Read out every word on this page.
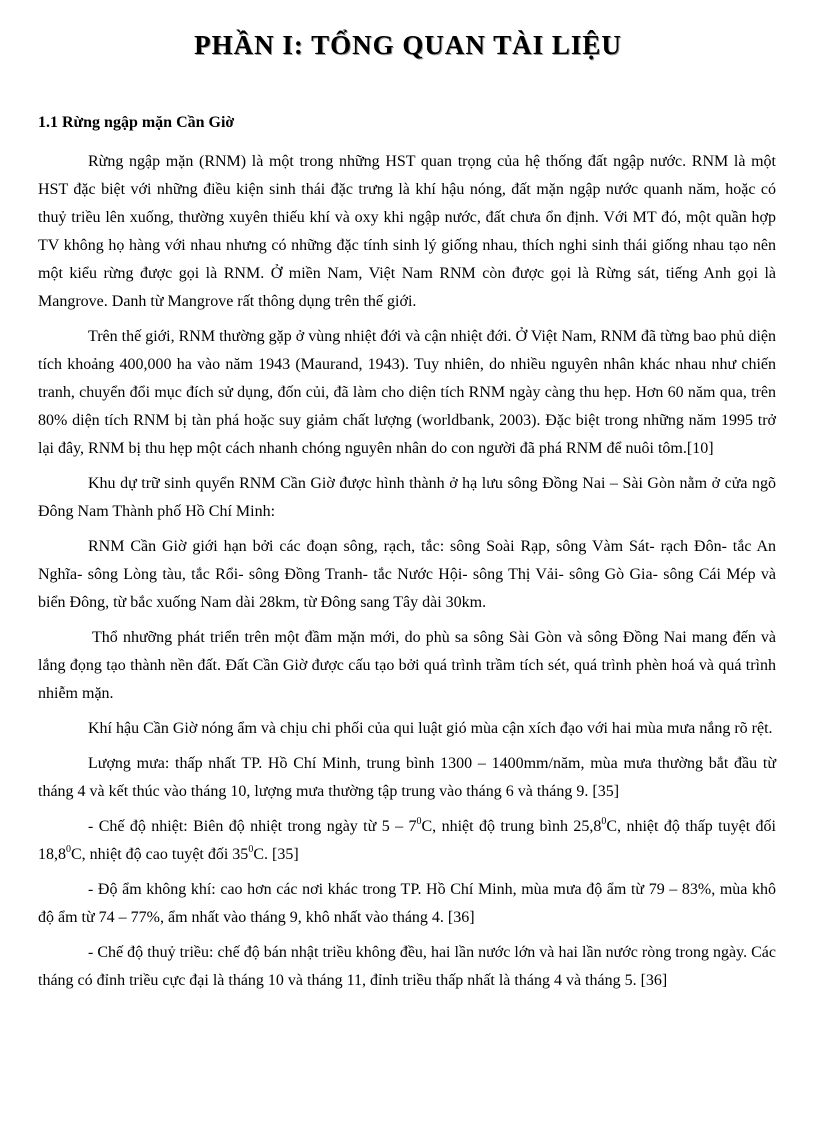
PHẦN I: TỔNG QUAN TÀI LIỆU
1.1 Rừng ngập mặn Cần Giờ

Rừng ngập mặn (RNM) là một trong những HST quan trọng của hệ thống đất ngập nước. RNM là một HST đặc biệt với những điều kiện sinh thái đặc trưng là khí hậu nóng, đất mặn ngập nước quanh năm, hoặc có thuỷ triều lên xuống, thường xuyên thiếu khí và oxy khi ngập nước, đất chưa ổn định. Với MT đó, một quần hợp TV không họ hàng với nhau nhưng có những đặc tính sinh lý giống nhau, thích nghi sinh thái giống nhau tạo nên một kiểu rừng được gọi là RNM. Ở miền Nam, Việt Nam RNM còn được gọi là Rừng sát, tiếng Anh gọi là Mangrove. Danh từ Mangrove rất thông dụng trên thế giới.

Trên thế giới, RNM thường gặp ở vùng nhiệt đới và cận nhiệt đới. Ở Việt Nam, RNM đã từng bao phủ diện tích khoảng 400,000 ha vào năm 1943 (Maurand, 1943). Tuy nhiên, do nhiều nguyên nhân khác nhau như chiến tranh, chuyển đổi mục đích sử dụng, đốn củi, đã làm cho diện tích RNM ngày càng thu hẹp. Hơn 60 năm qua, trên 80% diện tích RNM bị tàn phá hoặc suy giảm chất lượng (worldbank, 2003). Đặc biệt trong những năm 1995 trở lại đây, RNM bị thu hẹp một cách nhanh chóng nguyên nhân do con người đã phá RNM để nuôi tôm.[10]

Khu dự trữ sinh quyển RNM Cần Giờ được hình thành ở hạ lưu sông Đồng Nai – Sài Gòn nằm ở cửa ngõ Đông Nam Thành phố Hồ Chí Minh:

RNM Cần Giờ giới hạn bởi các đoạn sông, rạch, tắc: sông Soài Rạp, sông Vàm Sát- rạch Đôn- tắc An Nghĩa- sông Lòng tàu, tắc Rổi- sông Đồng Tranh- tắc Nước Hội- sông Thị Vải- sông Gò Gia- sông Cái Mép và biển Đông, từ bắc xuống Nam dài 28km, từ Đông sang Tây dài 30km.

Thổ nhưỡng phát triển trên một đầm mặn mới, do phù sa sông Sài Gòn và sông Đồng Nai mang đến và lắng đọng tạo thành nền đất. Đất Cần Giờ được cấu tạo bởi quá trình trầm tích sét, quá trình phèn hoá và quá trình nhiễm mặn.

Khí hậu Cần Giờ nóng ẩm và chịu chi phối của qui luật gió mùa cận xích đạo với hai mùa mưa nắng rõ rệt.

Lượng mưa: thấp nhất TP. Hồ Chí Minh, trung bình 1300 – 1400mm/năm, mùa mưa thường bắt đầu từ tháng 4 và kết thúc vào tháng 10, lượng mưa thường tập trung vào tháng 6 và tháng 9. [35]

- Chế độ nhiệt: Biên độ nhiệt trong ngày từ $5 - 7^0C$, nhiệt độ trung bình 25,8$^0$C, nhiệt độ thấp tuyệt đối 18,8$^0$C, nhiệt độ cao tuyệt đối $35^0C$. [35]

- Độ ẩm không khí: cao hơn các nơi khác trong TP. Hồ Chí Minh, mùa mưa độ ẩm từ 79 – 83%, mùa khô độ ẩm từ 74 – 77%, ẩm nhất vào tháng 9, khô nhất vào tháng 4. [36]

- Chế độ thuỷ triều: chế độ bán nhật triều không đều, hai lần nước lớn và hai lần nước ròng trong ngày. Các tháng có đỉnh triều cực đại là tháng 10 và tháng 11, đỉnh triều thấp nhất là tháng 4 và tháng 5. [36]
